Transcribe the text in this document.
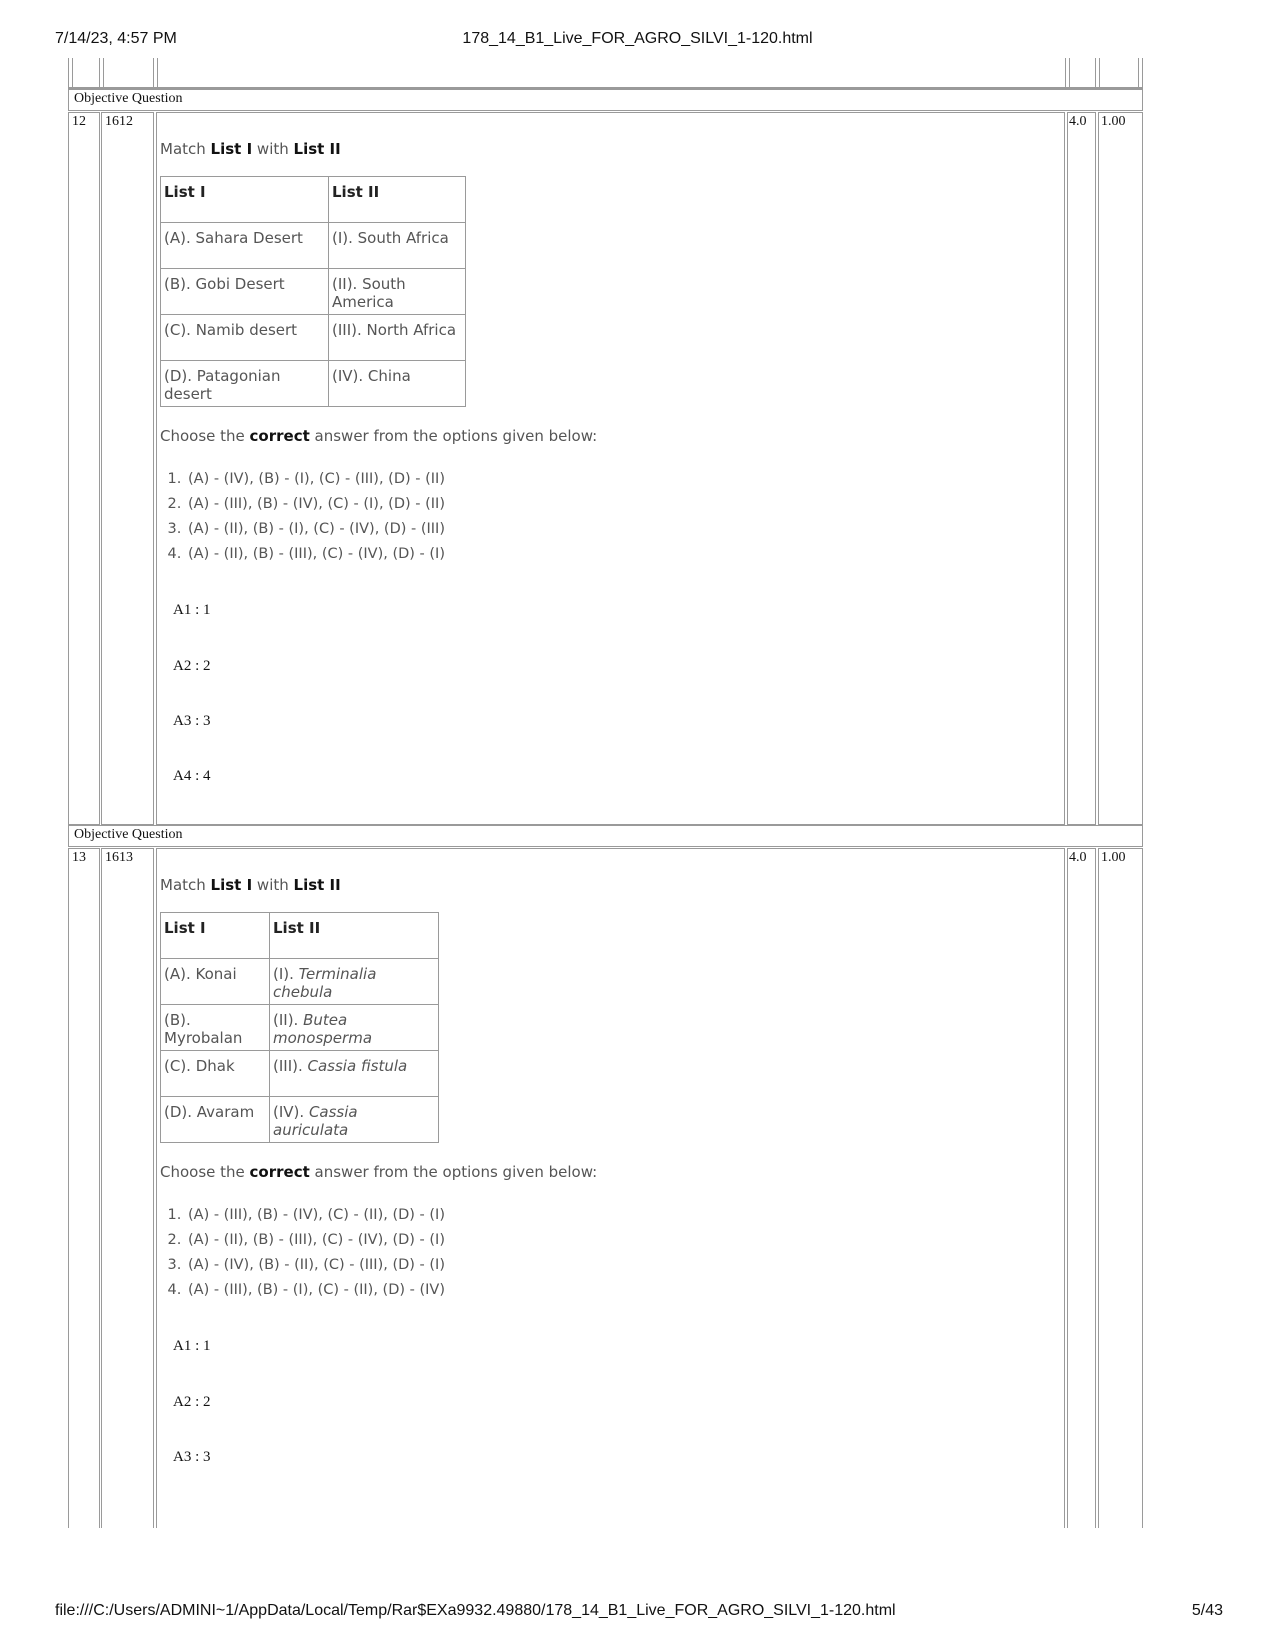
7/14/23, 4:57 PM	178_14_B1_Live_FOR_AGRO_SILVI_1-120.html
Objective Question
12 1612	4.0 1.00

Match List I with List II

List I	List II
(A). Sahara Desert	(I). South Africa
(B). Gobi Desert	(II). South America
(C). Namib desert	(III). North Africa
(D). Patagonian desert	(IV). China

Choose the correct answer from the options given below:

1. (A) - (IV), (B) - (I), (C) - (III), (D) - (II)
2. (A) - (III), (B) - (IV), (C) - (I), (D) - (II)
3. (A) - (II), (B) - (I), (C) - (IV), (D) - (III)
4. (A) - (II), (B) - (III), (C) - (IV), (D) - (I)
A1 : 1
A2 : 2
A3 : 3
A4 : 4
Objective Question
13 1613	4.0 1.00

Match List I with List II

List I	List II
(A). Konai	(I). Terminalia chebula
(B). Myrobalan	(II). Butea monosperma
(C). Dhak	(III). Cassia fistula
(D). Avaram	(IV). Cassia auriculata

Choose the correct answer from the options given below:

1. (A) - (III), (B) - (IV), (C) - (II), (D) - (I)
2. (A) - (II), (B) - (III), (C) - (IV), (D) - (I)
3. (A) - (IV), (B) - (II), (C) - (III), (D) - (I)
4. (A) - (III), (B) - (I), (C) - (II), (D) - (IV)
A1 : 1
A2 : 2
A3 : 3
file:///C:/Users/ADMINI~1/AppData/Local/Temp/Rar$EXa9932.49880/178_14_B1_Live_FOR_AGRO_SILVI_1-120.html	5/43
